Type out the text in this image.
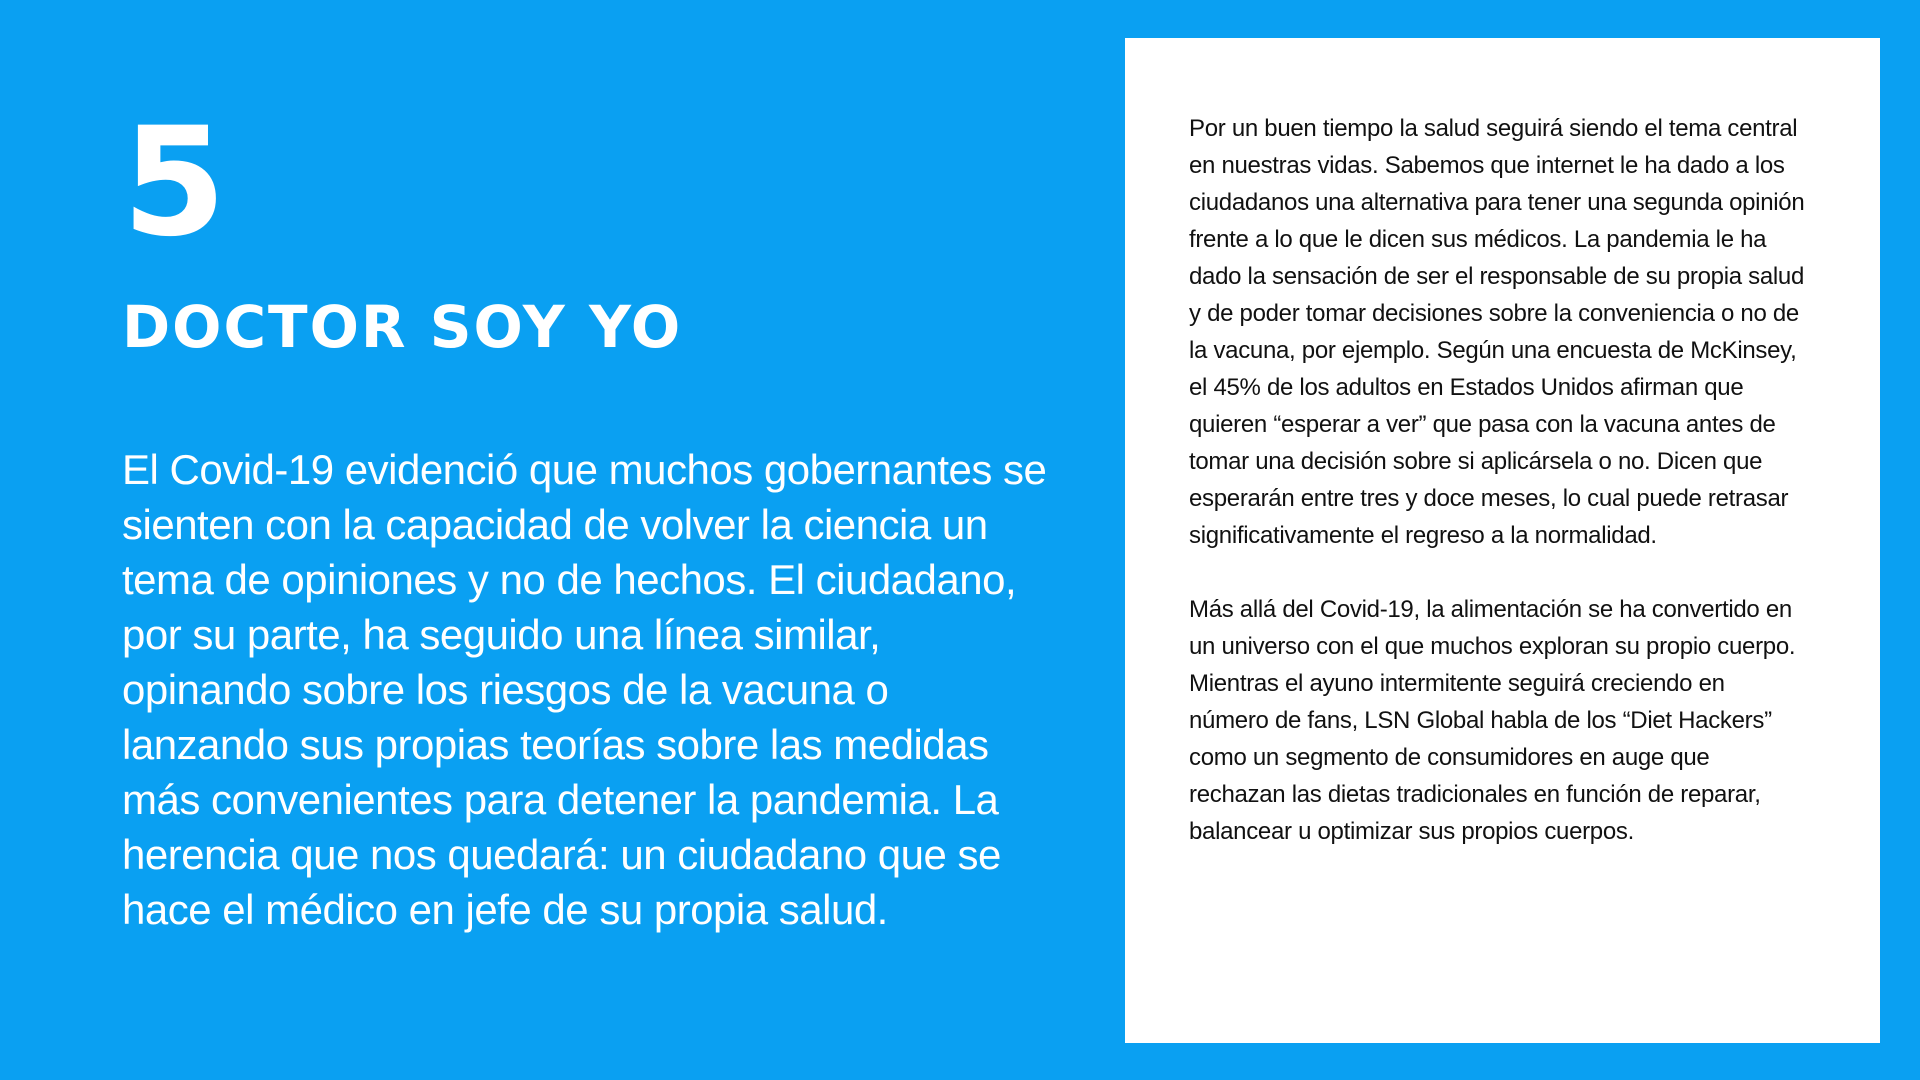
5
DOCTOR SOY YO
El Covid-19 evidenció que muchos gobernantes se sienten con la capacidad de volver la ciencia un tema de opiniones y no de hechos. El ciudadano, por su parte, ha seguido una línea similar, opinando sobre los riesgos de la vacuna o lanzando sus propias teorías sobre las medidas más convenientes para detener la pandemia. La herencia que nos quedará: un ciudadano que se hace el médico en jefe de su propia salud.

Por un buen tiempo la salud seguirá siendo el tema central en nuestras vidas. Sabemos que internet le ha dado a los ciudadanos una alternativa para tener una segunda opinión frente a lo que le dicen sus médicos. La pandemia le ha dado la sensación de ser el responsable de su propia salud y de poder tomar decisiones sobre la conveniencia o no de la vacuna, por ejemplo. Según una encuesta de McKinsey, el 45% de los adultos en Estados Unidos afirman que quieren “esperar a ver” que pasa con la vacuna antes de tomar una decisión sobre si aplicársela o no. Dicen que esperarán entre tres y doce meses, lo cual puede retrasar significativamente el regreso a la normalidad.

Más allá del Covid-19, la alimentación se ha convertido en un universo con el que muchos exploran su propio cuerpo. Mientras el ayuno intermitente seguirá creciendo en número de fans, LSN Global habla de los “Diet Hackers” como un segmento de consumidores en auge que rechazan las dietas tradicionales en función de reparar, balancear u optimizar sus propios cuerpos.
